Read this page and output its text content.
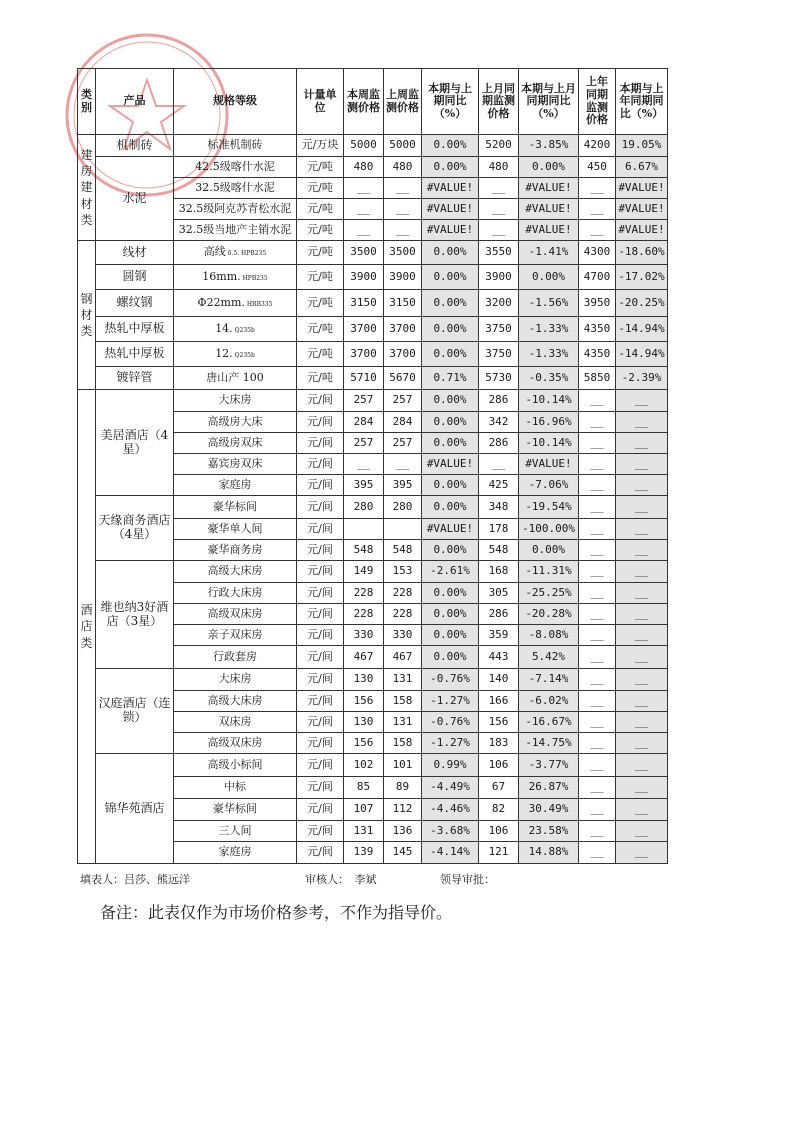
类别	产品	规格等级	计量单位	本周监测价格	上周监测价格	本期与上期同比（%）	上月同期监测价格	本期与上月同期同比（%）	上年同期监测价格	本期与上年同期同比（%）
建房建材类	机制砖	标准机制砖	元/万块	5000	5000	0.00%	5200	-3.85%	4200	19.05%
	水泥	42.5级喀什水泥	元/吨	480	480	0.00%	480	0.00%	450	6.67%
		32.5级喀什水泥	元/吨	__	__	#VALUE!	__	#VALUE!	__	#VALUE!
		32.5级阿克苏青松水泥	元/吨	__	__	#VALUE!	__	#VALUE!	__	#VALUE!
		32.5级当地产主销水泥	元/吨	__	__	#VALUE!	__	#VALUE!	__	#VALUE!
钢材类	线材	高线 6.5. HPB235	元/吨	3500	3500	0.00%	3550	-1.41%	4300	-18.60%
	圆钢	16mm. HPB235	元/吨	3900	3900	0.00%	3900	0.00%	4700	-17.02%
	螺纹钢	Φ22mm. HRB335	元/吨	3150	3150	0.00%	3200	-1.56%	3950	-20.25%
	热轧中厚板	14. Q235b	元/吨	3700	3700	0.00%	3750	-1.33%	4350	-14.94%
	热轧中厚板	12. Q235b	元/吨	3700	3700	0.00%	3750	-1.33%	4350	-14.94%
	镀锌管	唐山产 100	元/吨	5710	5670	0.71%	5730	-0.35%	5850	-2.39%
酒店类	美居酒店（4星）	大床房	元/间	257	257	0.00%	286	-10.14%	__	__
		高级房大床	元/间	284	284	0.00%	342	-16.96%	__	__
		高级房双床	元/间	257	257	0.00%	286	-10.14%	__	__
		嘉宾房双床	元/间	__	__	#VALUE!	__	#VALUE!	__	__
		家庭房	元/间	395	395	0.00%	425	-7.06%	__	__
	天缘商务酒店（4星）	豪华标间	元/间	280	280	0.00%	348	-19.54%	__	__
		豪华单人间	元/间			#VALUE!	178	-100.00%	__	__
		豪华商务房	元/间	548	548	0.00%	548	0.00%	__	__
	维也纳3好酒店（3星）	高级大床房	元/间	149	153	-2.61%	168	-11.31%	__	__
		行政大床房	元/间	228	228	0.00%	305	-25.25%	__	__
		高级双床房	元/间	228	228	0.00%	286	-20.28%	__	__
		亲子双床房	元/间	330	330	0.00%	359	-8.08%	__	__
		行政套房	元/间	467	467	0.00%	443	5.42%	__	__
	汉庭酒店（连锁）	大床房	元/间	130	131	-0.76%	140	-7.14%	__	__
		高级大床房	元/间	156	158	-1.27%	166	-6.02%	__	__
		双床房	元/间	130	131	-0.76%	156	-16.67%	__	__
		高级双床房	元/间	156	158	-1.27%	183	-14.75%	__	__
	锦华苑酒店	高级小标间	元/间	102	101	0.99%	106	-3.77%	__	__
		中标	元/间	85	89	-4.49%	67	26.87%	__	__
		豪华标间	元/间	107	112	-4.46%	82	30.49%	__	__
		三人间	元/间	131	136	-3.68%	106	23.58%	__	__
		家庭房	元/间	139	145	-4.14%	121	14.88%	__	__
填表人：吕莎、熊远洋	审核人：　李斌	领导审批：
备注：此表仅作为市场价格参考，不作为指导价。
